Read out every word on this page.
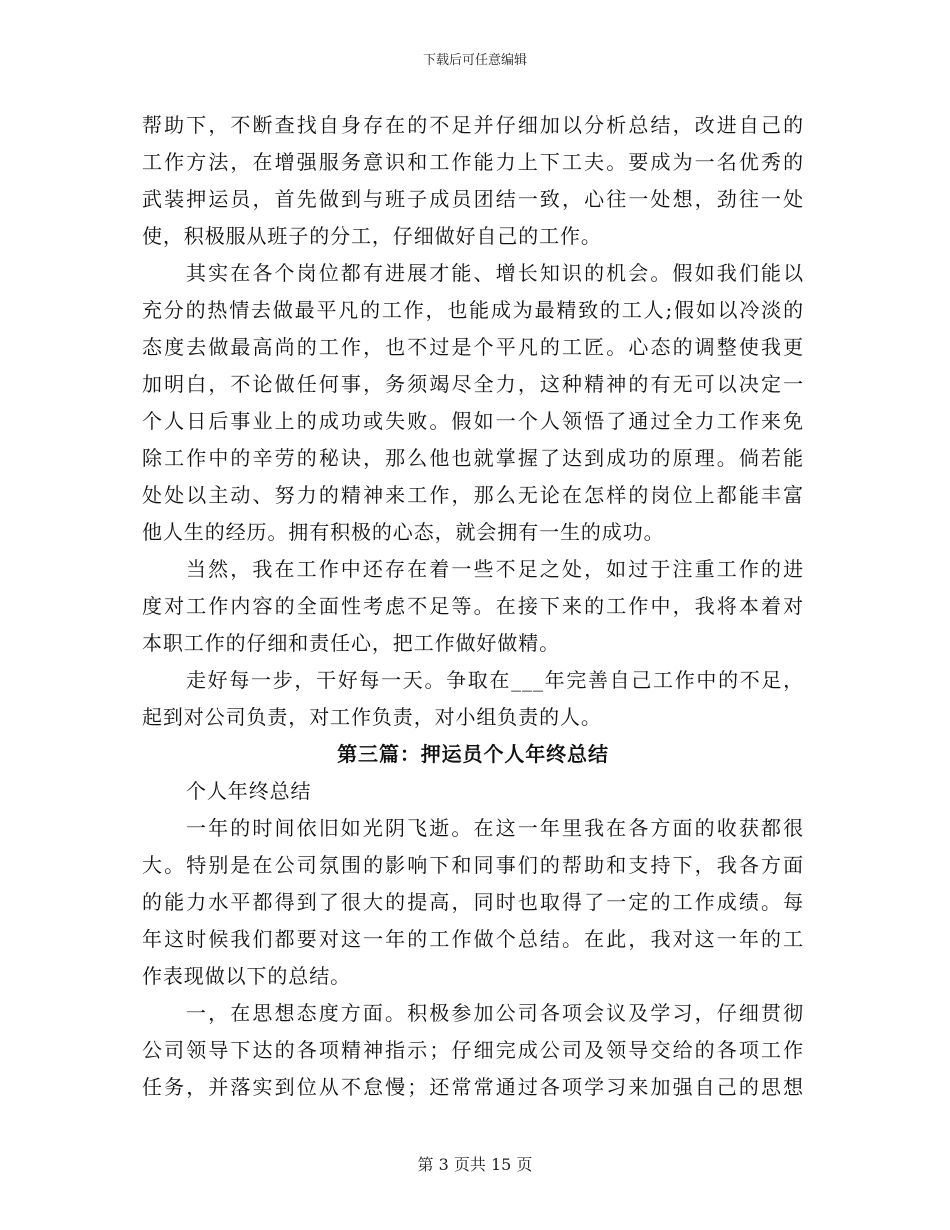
下载后可任意编辑
帮助下，不断查找自身存在的不足并仔细加以分析总结，改进自己的
工作方法，在增强服务意识和工作能力上下工夫。要成为一名优秀的
武装押运员，首先做到与班子成员团结一致，心往一处想，劲往一处
使，积极服从班子的分工，仔细做好自己的工作。
其实在各个岗位都有进展才能、增长知识的机会。假如我们能以
充分的热情去做最平凡的工作，也能成为最精致的工人;假如以冷淡的
态度去做最高尚的工作，也不过是个平凡的工匠。心态的调整使我更
加明白，不论做任何事，务须竭尽全力，这种精神的有无可以决定一
个人日后事业上的成功或失败。假如一个人领悟了通过全力工作来免
除工作中的辛劳的秘诀，那么他也就掌握了达到成功的原理。倘若能
处处以主动、努力的精神来工作，那么无论在怎样的岗位上都能丰富
他人生的经历。拥有积极的心态，就会拥有一生的成功。
当然，我在工作中还存在着一些不足之处，如过于注重工作的进
度对工作内容的全面性考虑不足等。在接下来的工作中，我将本着对
本职工作的仔细和责任心，把工作做好做精。
走好每一步，干好每一天。争取在___年完善自己工作中的不足，
起到对公司负责，对工作负责，对小组负责的人。
第三篇：押运员个人年终总结
个人年终总结
一年的时间依旧如光阴飞逝。在这一年里我在各方面的收获都很
大。特别是在公司氛围的影响下和同事们的帮助和支持下，我各方面
的能力水平都得到了很大的提高，同时也取得了一定的工作成绩。每
年这时候我们都要对这一年的工作做个总结。在此，我对这一年的工
作表现做以下的总结。
一，在思想态度方面。积极参加公司各项会议及学习，仔细贯彻
公司领导下达的各项精神指示；仔细完成公司及领导交给的各项工作
任务，并落实到位从不怠慢；还常常通过各项学习来加强自己的思想
第 3 页共 15 页
